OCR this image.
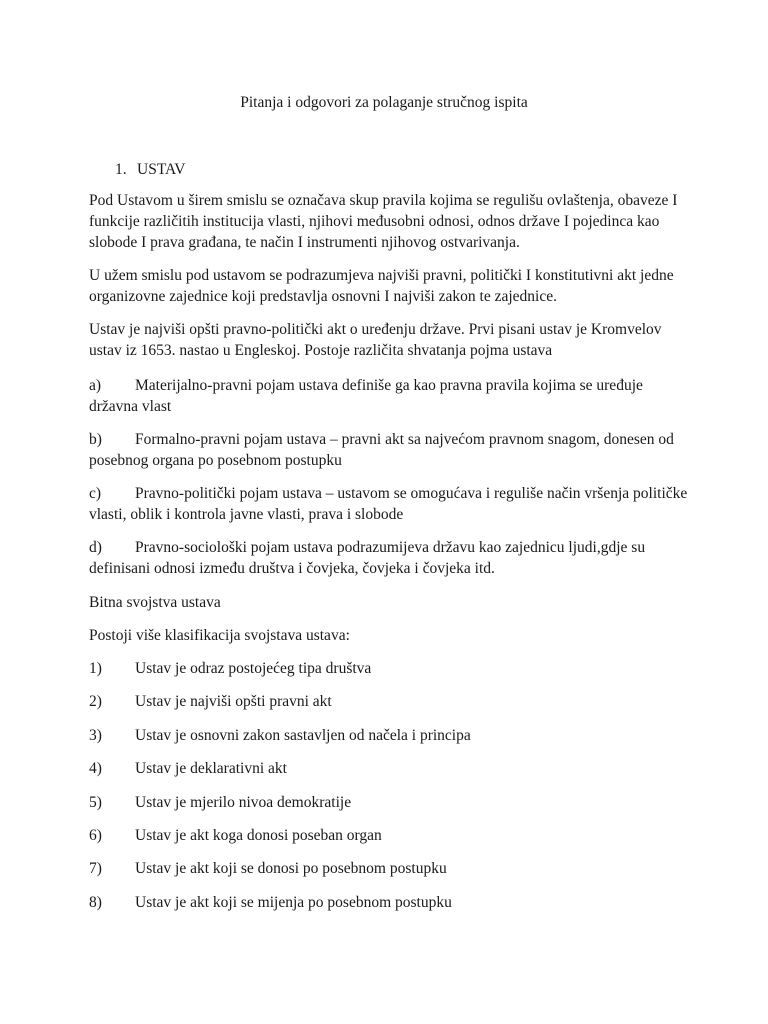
Pitanja i odgovori za polaganje stručnog ispita
1. USTAV

Pod Ustavom u širem smislu se označava skup pravila kojima se regulišu ovlaštenja, obaveze I funkcije različitih institucija vlasti, njihovi međusobni odnosi, odnos države I pojedinca kao slobode I prava građana, te način I instrumenti njihovog ostvarivanja.

U užem smislu pod ustavom se podrazumjeva najviši pravni, politički I konstitutivni akt jedne organizovne zajednice koji predstavlja osnovni I najviši zakon te zajednice.

Ustav je najviši opšti pravno-politički akt o uređenju države. Prvi pisani ustav je Kromvelov ustav iz 1653. nastao u Engleskoj. Postoje različita shvatanja pojma ustava

a) Materijalno-pravni pojam ustava definiše ga kao pravna pravila kojima se uređuje državna vlast
b) Formalno-pravni pojam ustava – pravni akt sa najvećom pravnom snagom, donesen od posebnog organa po posebnom postupku
c) Pravno-politički pojam ustava – ustavom se omogućava i reguliše način vršenja političke vlasti, oblik i kontrola javne vlasti, prava i slobode
d) Pravno-sociološki pojam ustava podrazumijeva državu kao zajednicu ljudi,gdje su definisani odnosi između društva i čovjeka, čovjeka i čovjeka itd.
Bitna svojstva ustava
Postoji više klasifikacija svojstava ustava:
1) Ustav je odraz postojećeg tipa društva
2) Ustav je najviši opšti pravni akt
3) Ustav je osnovni zakon sastavljen od načela i principa
4) Ustav je deklarativni akt
5) Ustav je mjerilo nivoa demokratije
6) Ustav je akt koga donosi poseban organ
7) Ustav je akt koji se donosi po posebnom postupku
8) Ustav je akt koji se mijenja po posebnom postupku
